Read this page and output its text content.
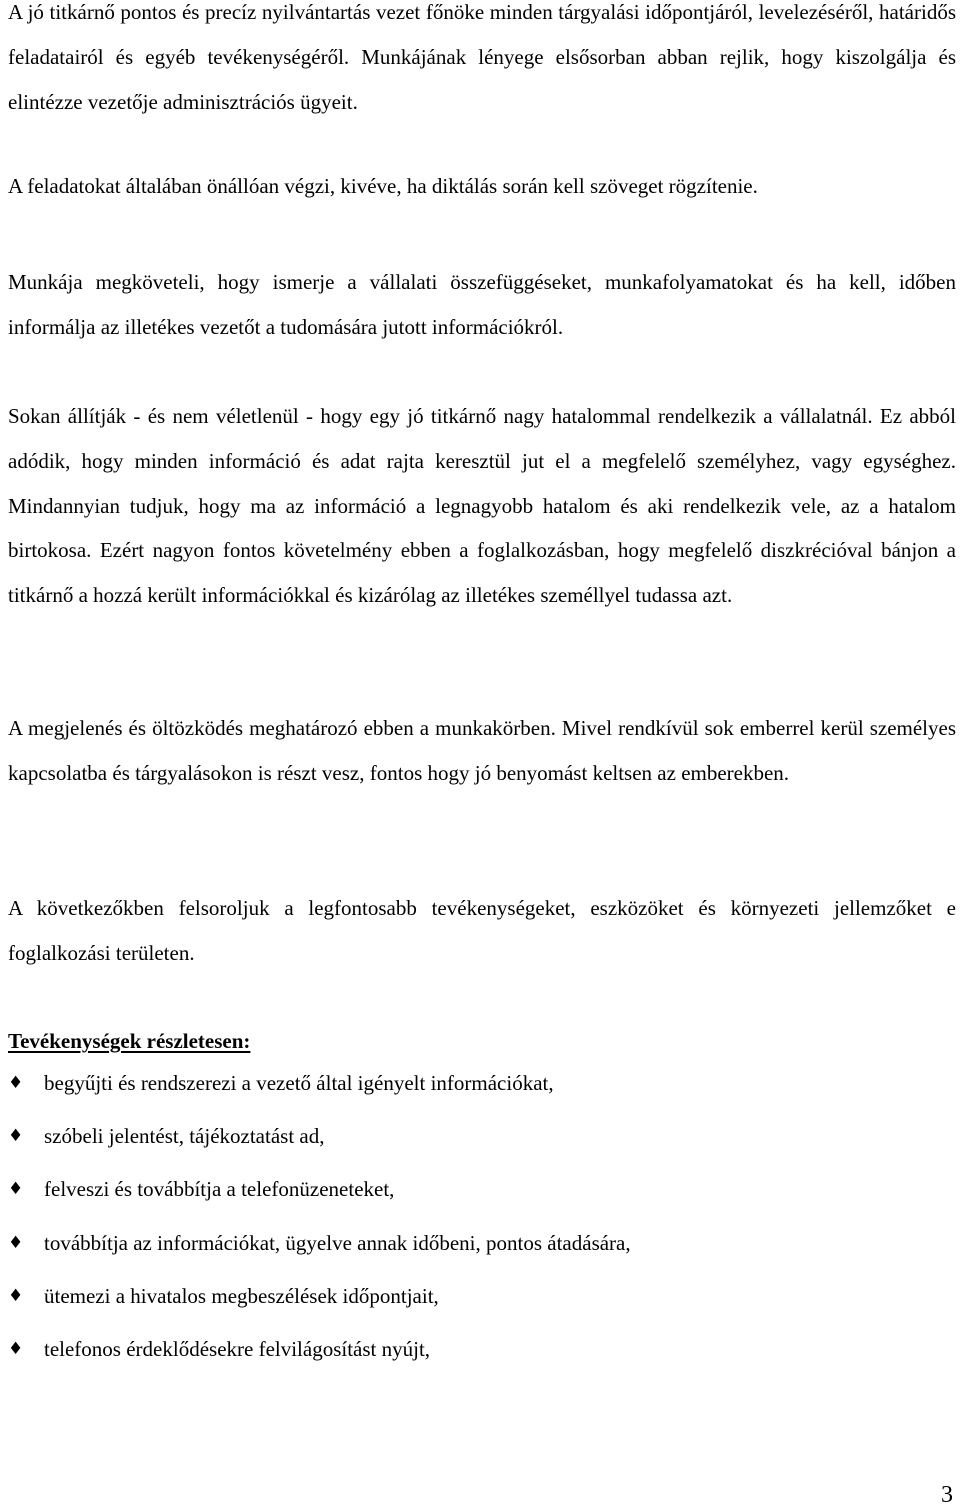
A jó titkárnő pontos és precíz nyilvántartás vezet főnöke minden tárgyalási időpontjáról, levelezéséről, határidős feladatairól és egyéb tevékenységéről. Munkájának lényege elsősorban abban rejlik, hogy kiszolgálja és elintézze vezetője adminisztrációs ügyeit.

A feladatokat általában önállóan végzi, kivéve, ha diktálás során kell szöveget rögzítenie.

Munkája megköveteli, hogy ismerje a vállalati összefüggéseket, munkafolyamatokat és ha kell, időben informálja az illetékes vezetőt a tudomására jutott információkról.

Sokan állítják - és nem véletlenül - hogy egy jó titkárnő nagy hatalommal rendelkezik a vállalatnál. Ez abból adódik, hogy minden információ és adat rajta keresztül jut el a megfelelő személyhez, vagy egységhez. Mindannyian tudjuk, hogy ma az információ a legnagyobb hatalom és aki rendelkezik vele, az a hatalom birtokosa. Ezért nagyon fontos követelmény ebben a foglalkozásban, hogy megfelelő diszkrécióval bánjon a titkárnő a hozzá került információkkal és kizárólag az illetékes személlyel tudassa azt.

A megjelenés és öltözködés meghatározó ebben a munkakörben. Mivel rendkívül sok emberrel kerül személyes kapcsolatba és tárgyalásokon is részt vesz, fontos hogy jó benyomást keltsen az emberekben.

A következőkben felsoroljuk a legfontosabb tevékenységeket, eszközöket és környezeti jellemzőket e foglalkozási területen.

Tevékenységek részletesen:
♦ begyűjti és rendszerezi a vezető által igényelt információkat,
♦ szóbeli jelentést, tájékoztatást ad,
♦ felveszi és továbbítja a telefonüzeneteket,
♦ továbbítja az információkat, ügyelve annak időbeni, pontos átadására,
♦ ütemezi a hivatalos megbeszélések időpontjait,
♦ telefonos érdeklődésekre felvilágosítást nyújt,
3
